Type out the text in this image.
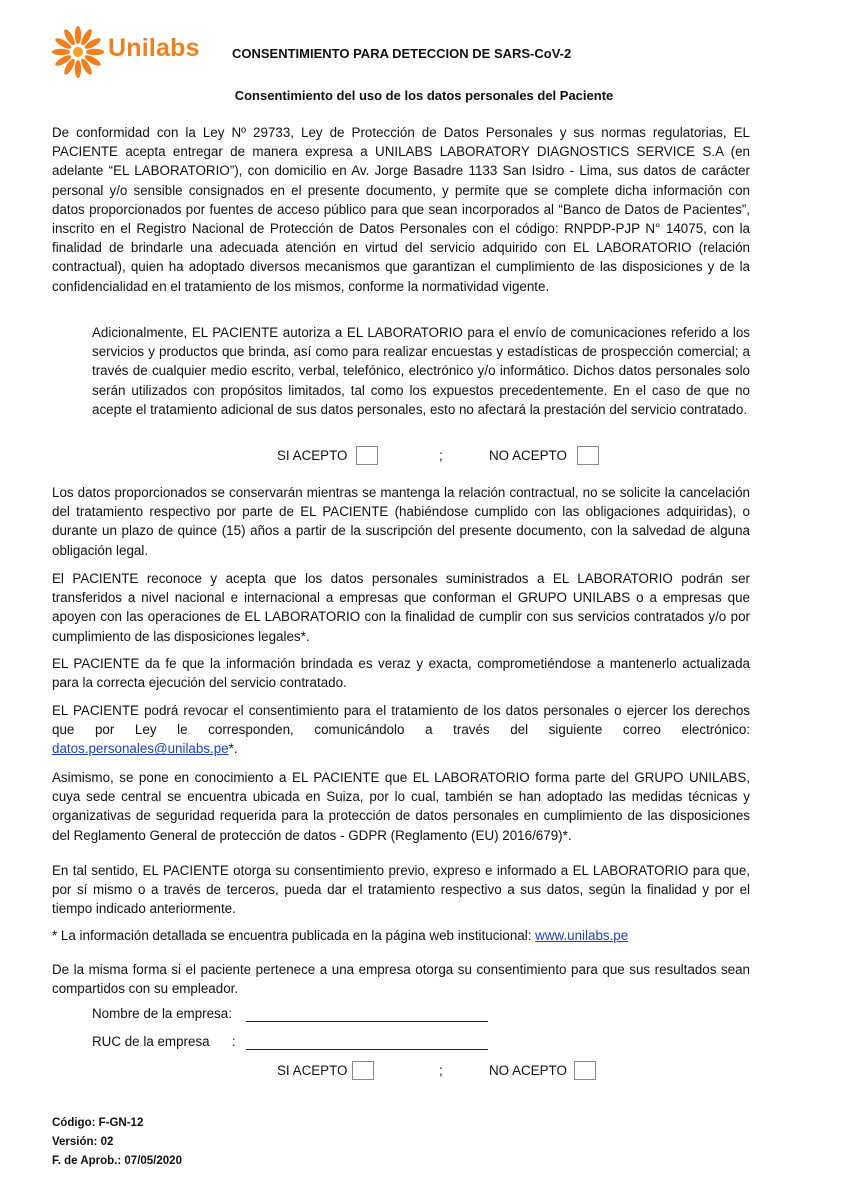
Unilabs CONSENTIMIENTO PARA DETECCION DE SARS-CoV-2
Consentimiento del uso de los datos personales del Paciente

De conformidad con la Ley Nº 29733, Ley de Protección de Datos Personales y sus normas regulatorias, EL PACIENTE acepta entregar de manera expresa a UNILABS LABORATORY DIAGNOSTICS SERVICE S.A (en adelante “EL LABORATORIO”), con domicilio en Av. Jorge Basadre 1133 San Isidro - Lima, sus datos de carácter personal y/o sensible consignados en el presente documento, y permite que se complete dicha información con datos proporcionados por fuentes de acceso público para que sean incorporados al “Banco de Datos de Pacientes”, inscrito en el Registro Nacional de Protección de Datos Personales con el código: RNPDP-PJP N° 14075, con la finalidad de brindarle una adecuada atención en virtud del servicio adquirido con EL LABORATORIO (relación contractual), quien ha adoptado diversos mecanismos que garantizan el cumplimiento de las disposiciones y de la confidencialidad en el tratamiento de los mismos, conforme la normatividad vigente.

Adicionalmente, EL PACIENTE autoriza a EL LABORATORIO para el envío de comunicaciones referido a los servicios y productos que brinda, así como para realizar encuestas y estadísticas de prospección comercial; a través de cualquier medio escrito, verbal, telefónico, electrónico y/o informático. Dichos datos personales solo serán utilizados con propósitos limitados, tal como los expuestos precedentemente. En el caso de que no acepte el tratamiento adicional de sus datos personales, esto no afectará la prestación del servicio contratado.

SI ACEPTO	;	NO ACEPTO

Los datos proporcionados se conservarán mientras se mantenga la relación contractual, no se solicite la cancelación del tratamiento respectivo por parte de EL PACIENTE (habiéndose cumplido con las obligaciones adquiridas), o durante un plazo de quince (15) años a partir de la suscripción del presente documento, con la salvedad de alguna obligación legal.

El PACIENTE reconoce y acepta que los datos personales suministrados a EL LABORATORIO podrán ser transferidos a nivel nacional e internacional a empresas que conforman el GRUPO UNILABS o a empresas que apoyen con las operaciones de EL LABORATORIO con la finalidad de cumplir con sus servicios contratados y/o por cumplimiento de las disposiciones legales*.

EL PACIENTE da fe que la información brindada es veraz y exacta, comprometiéndose a mantenerlo actualizada para la correcta ejecución del servicio contratado.

EL PACIENTE podrá revocar el consentimiento para el tratamiento de los datos personales o ejercer los derechos que por Ley le corresponden, comunicándolo a través del siguiente correo electrónico: datos.personales@unilabs.pe*.

Asimismo, se pone en conocimiento a EL PACIENTE que EL LABORATORIO forma parte del GRUPO UNILABS, cuya sede central se encuentra ubicada en Suiza, por lo cual, también se han adoptado las medidas técnicas y organizativas de seguridad requerida para la protección de datos personales en cumplimiento de las disposiciones del Reglamento General de protección de datos - GDPR (Reglamento (EU) 2016/679)*.

En tal sentido, EL PACIENTE otorga su consentimiento previo, expreso e informado a EL LABORATORIO para que, por sí mismo o a través de terceros, pueda dar el tratamiento respectivo a sus datos, según la finalidad y por el tiempo indicado anteriormente.

* La información detallada se encuentra publicada en la página web institucional: www.unilabs.pe

De la misma forma si el paciente pertenece a una empresa otorga su consentimiento para que sus resultados sean compartidos con su empleador.

Nombre de la empresa:
RUC de la empresa      :
SI ACEPTO	;	NO ACEPTO
Código: F-GN-12
Versión: 02
F. de Aprob.: 07/05/2020
